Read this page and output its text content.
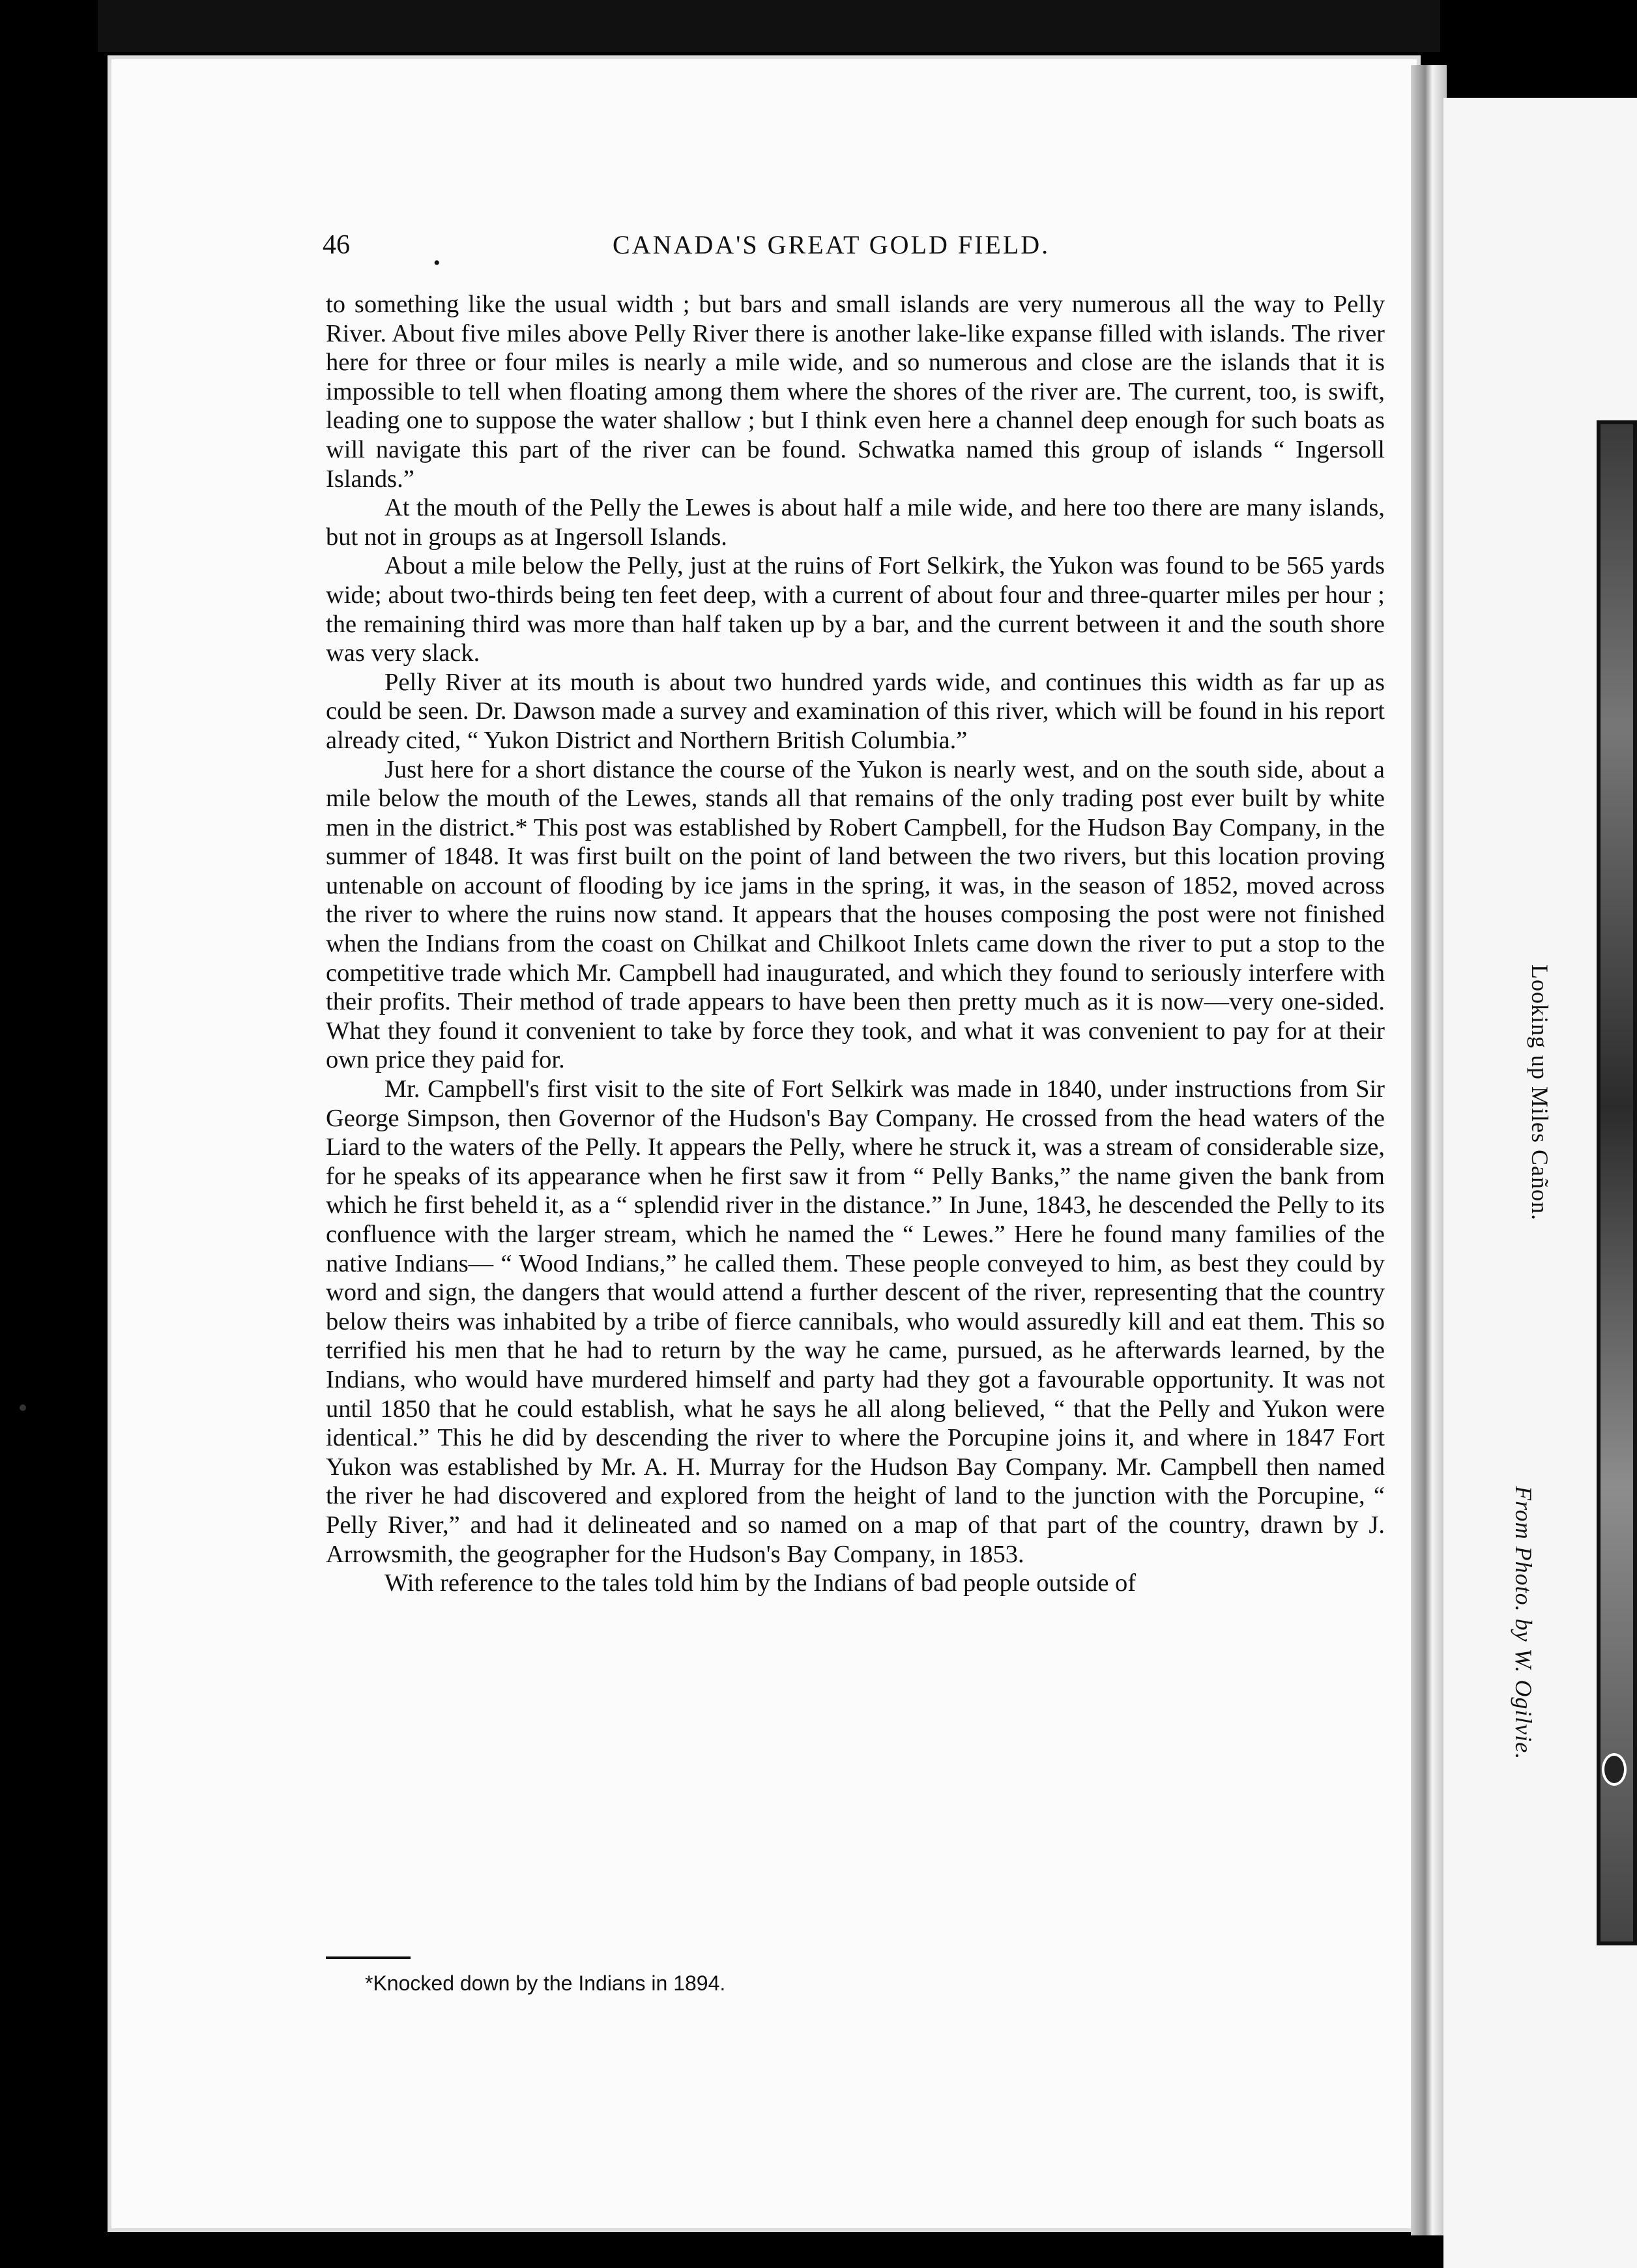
Looking up Miles Cañon.
From Photo. by W. Ogilvie.
46
•
CANADA'S GREAT GOLD FIELD.

to something like the usual width ; but bars and small islands are very numerous all the way to Pelly River. About five miles above Pelly River there is another lake-like expanse filled with islands. The river here for three or four miles is nearly a mile wide, and so numerous and close are the islands that it is impossible to tell when floating among them where the shores of the river are. The current, too, is swift, leading one to suppose the water shallow ; but I think even here a channel deep enough for such boats as will navigate this part of the river can be found. Schwatka named this group of islands “ Ingersoll Islands.”

At the mouth of the Pelly the Lewes is about half a mile wide, and here too there are many islands, but not in groups as at Ingersoll Islands.

About a mile below the Pelly, just at the ruins of Fort Selkirk, the Yukon was found to be 565 yards wide; about two-thirds being ten feet deep, with a current of about four and three-quarter miles per hour ; the remaining third was more than half taken up by a bar, and the current between it and the south shore was very slack.

Pelly River at its mouth is about two hundred yards wide, and continues this width as far up as could be seen. Dr. Dawson made a survey and examination of this river, which will be found in his report already cited, “ Yukon District and Northern British Columbia.”

Just here for a short distance the course of the Yukon is nearly west, and on the south side, about a mile below the mouth of the Lewes, stands all that remains of the only trading post ever built by white men in the district.* This post was established by Robert Campbell, for the Hudson Bay Company, in the summer of 1848. It was first built on the point of land between the two rivers, but this location proving untenable on account of flooding by ice jams in the spring, it was, in the season of 1852, moved across the river to where the ruins now stand. It appears that the houses composing the post were not finished when the Indians from the coast on Chilkat and Chilkoot Inlets came down the river to put a stop to the competitive trade which Mr. Campbell had inaugurated, and which they found to seriously interfere with their profits. Their method of trade appears to have been then pretty much as it is now—very one-sided. What they found it convenient to take by force they took, and what it was convenient to pay for at their own price they paid for.

Mr. Campbell's first visit to the site of Fort Selkirk was made in 1840, under instructions from Sir George Simpson, then Governor of the Hudson's Bay Company. He crossed from the head waters of the Liard to the waters of the Pelly. It appears the Pelly, where he struck it, was a stream of considerable size, for he speaks of its appearance when he first saw it from “ Pelly Banks,” the name given the bank from which he first beheld it, as a “ splendid river in the distance.” In June, 1843, he descended the Pelly to its confluence with the larger stream, which he named the “ Lewes.” Here he found many families of the native Indians— “ Wood Indians,” he called them. These people conveyed to him, as best they could by word and sign, the dangers that would attend a further descent of the river, representing that the country below theirs was inhabited by a tribe of fierce cannibals, who would assuredly kill and eat them. This so terrified his men that he had to return by the way he came, pursued, as he afterwards learned, by the Indians, who would have murdered himself and party had they got a favourable opportunity. It was not until 1850 that he could establish, what he says he all along believed, “ that the Pelly and Yukon were identical.” This he did by descending the river to where the Porcupine joins it, and where in 1847 Fort Yukon was established by Mr. A. H. Murray for the Hudson Bay Company. Mr. Campbell then named the river he had discovered and explored from the height of land to the junction with the Porcupine, “ Pelly River,” and had it delineated and so named on a map of that part of the country, drawn by J. Arrowsmith, the geographer for the Hudson's Bay Company, in 1853.

With reference to the tales told him by the Indians of bad people outside of

*Knocked down by the Indians in 1894.
